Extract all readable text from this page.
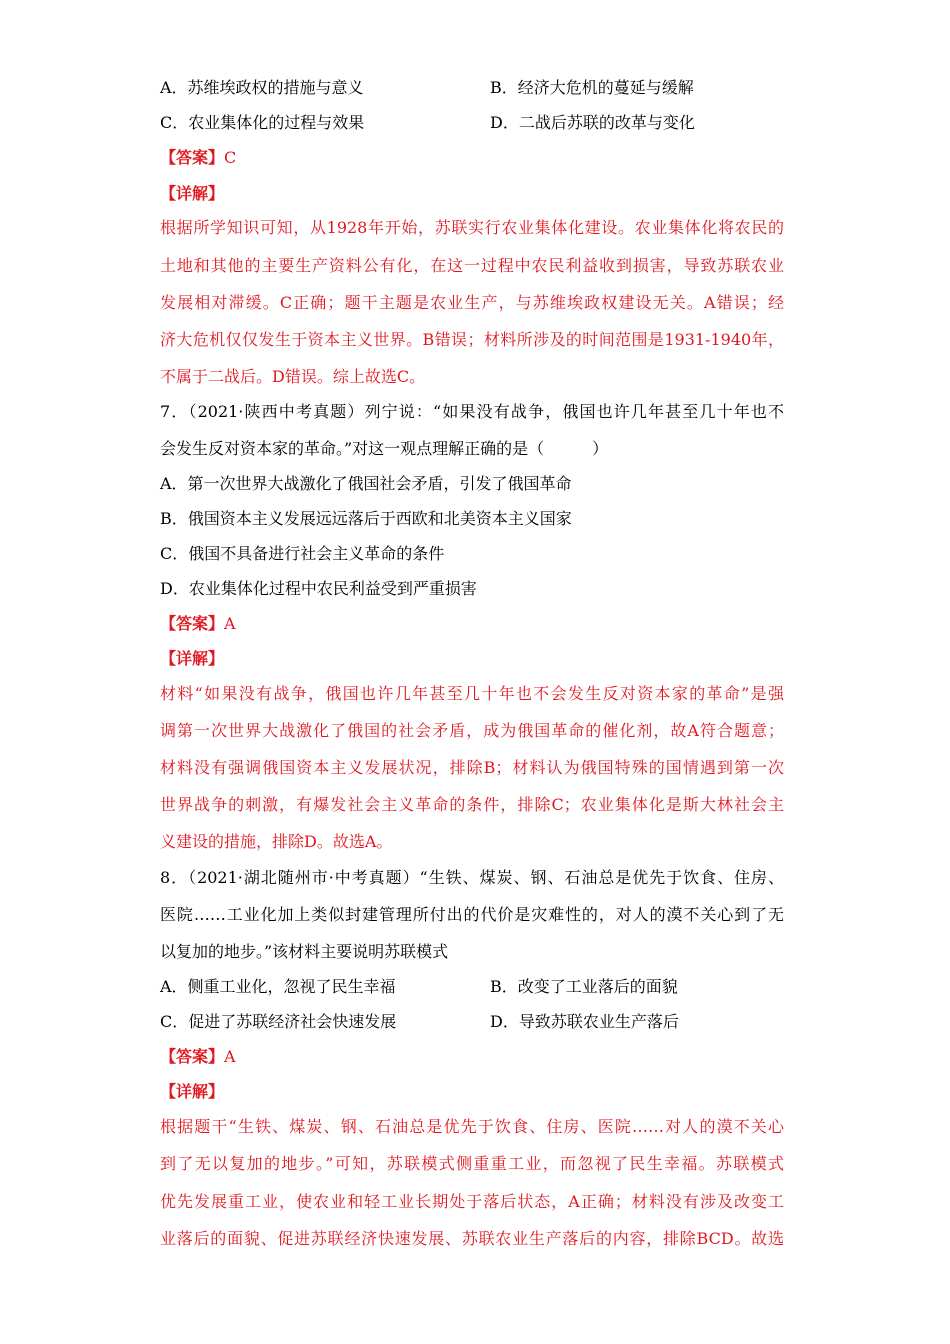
A．苏维埃政权的措施与意义	B．经济大危机的蔓延与缓解
C．农业集体化的过程与效果	D．二战后苏联的改革与变化
【答案】C
【详解】
根据所学知识可知，从1928年开始，苏联实行农业集体化建设。农业集体化将农民的
土地和其他的主要生产资料公有化，在这一过程中农民利益收到损害，导致苏联农业
发展相对滞缓。C正确；题干主题是农业生产，与苏维埃政权建设无关。A错误；经
济大危机仅仅发生于资本主义世界。B错误；材料所涉及的时间范围是1931-1940年，
不属于二战后。D错误。综上故选C。
7．（2021·陕西中考真题）列宁说：“如果没有战争，俄国也许几年甚至几十年也不
会发生反对资本家的革命。”对这一观点理解正确的是（　　　）
A．第一次世界大战激化了俄国社会矛盾，引发了俄国革命
B．俄国资本主义发展远远落后于西欧和北美资本主义国家
C．俄国不具备进行社会主义革命的条件
D．农业集体化过程中农民利益受到严重损害
【答案】A
【详解】
材料“如果没有战争，俄国也许几年甚至几十年也不会发生反对资本家的革命”是强
调第一次世界大战激化了俄国的社会矛盾，成为俄国革命的催化剂，故A符合题意；
材料没有强调俄国资本主义发展状况，排除B；材料认为俄国特殊的国情遇到第一次
世界战争的刺激，有爆发社会主义革命的条件，排除C；农业集体化是斯大林社会主
义建设的措施，排除D。故选A。
8．（2021·湖北随州市·中考真题）“生铁、煤炭、钢、石油总是优先于饮食、住房、
医院……工业化加上类似封建管理所付出的代价是灾难性的，对人的漠不关心到了无
以复加的地步。”该材料主要说明苏联模式
A．侧重工业化，忽视了民生幸福	B．改变了工业落后的面貌
C．促进了苏联经济社会快速发展	D．导致苏联农业生产落后
【答案】A
【详解】
根据题干“生铁、煤炭、钢、石油总是优先于饮食、住房、医院……对人的漠不关心
到了无以复加的地步。”可知，苏联模式侧重重工业，而忽视了民生幸福。苏联模式
优先发展重工业，使农业和轻工业长期处于落后状态，A正确；材料没有涉及改变工
业落后的面貌、促进苏联经济快速发展、苏联农业生产落后的内容，排除BCD。故选
